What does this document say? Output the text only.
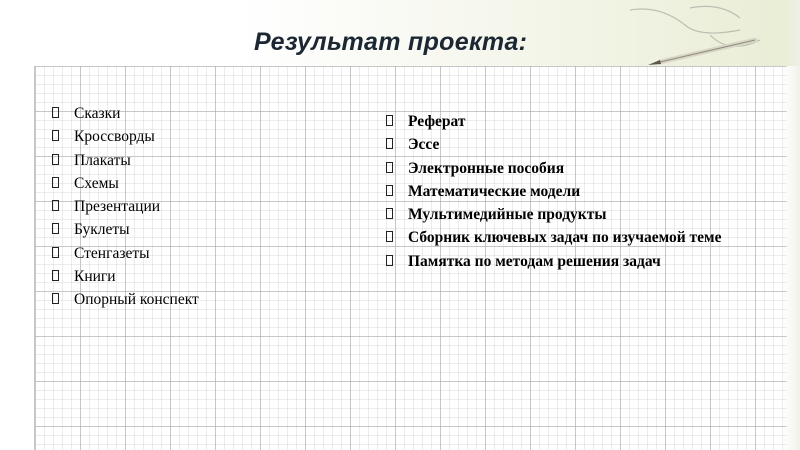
Результат проекта:
Сказки
Кроссворды
Плакаты
Схемы
Презентации
Буклеты
Стенгазеты
Книги
Опорный конспект
Реферат
Эссе
Электронные пособия
Математические модели
Мультимедийные продукты
Сборник ключевых задач по изучаемой теме
Памятка по методам решения задач
